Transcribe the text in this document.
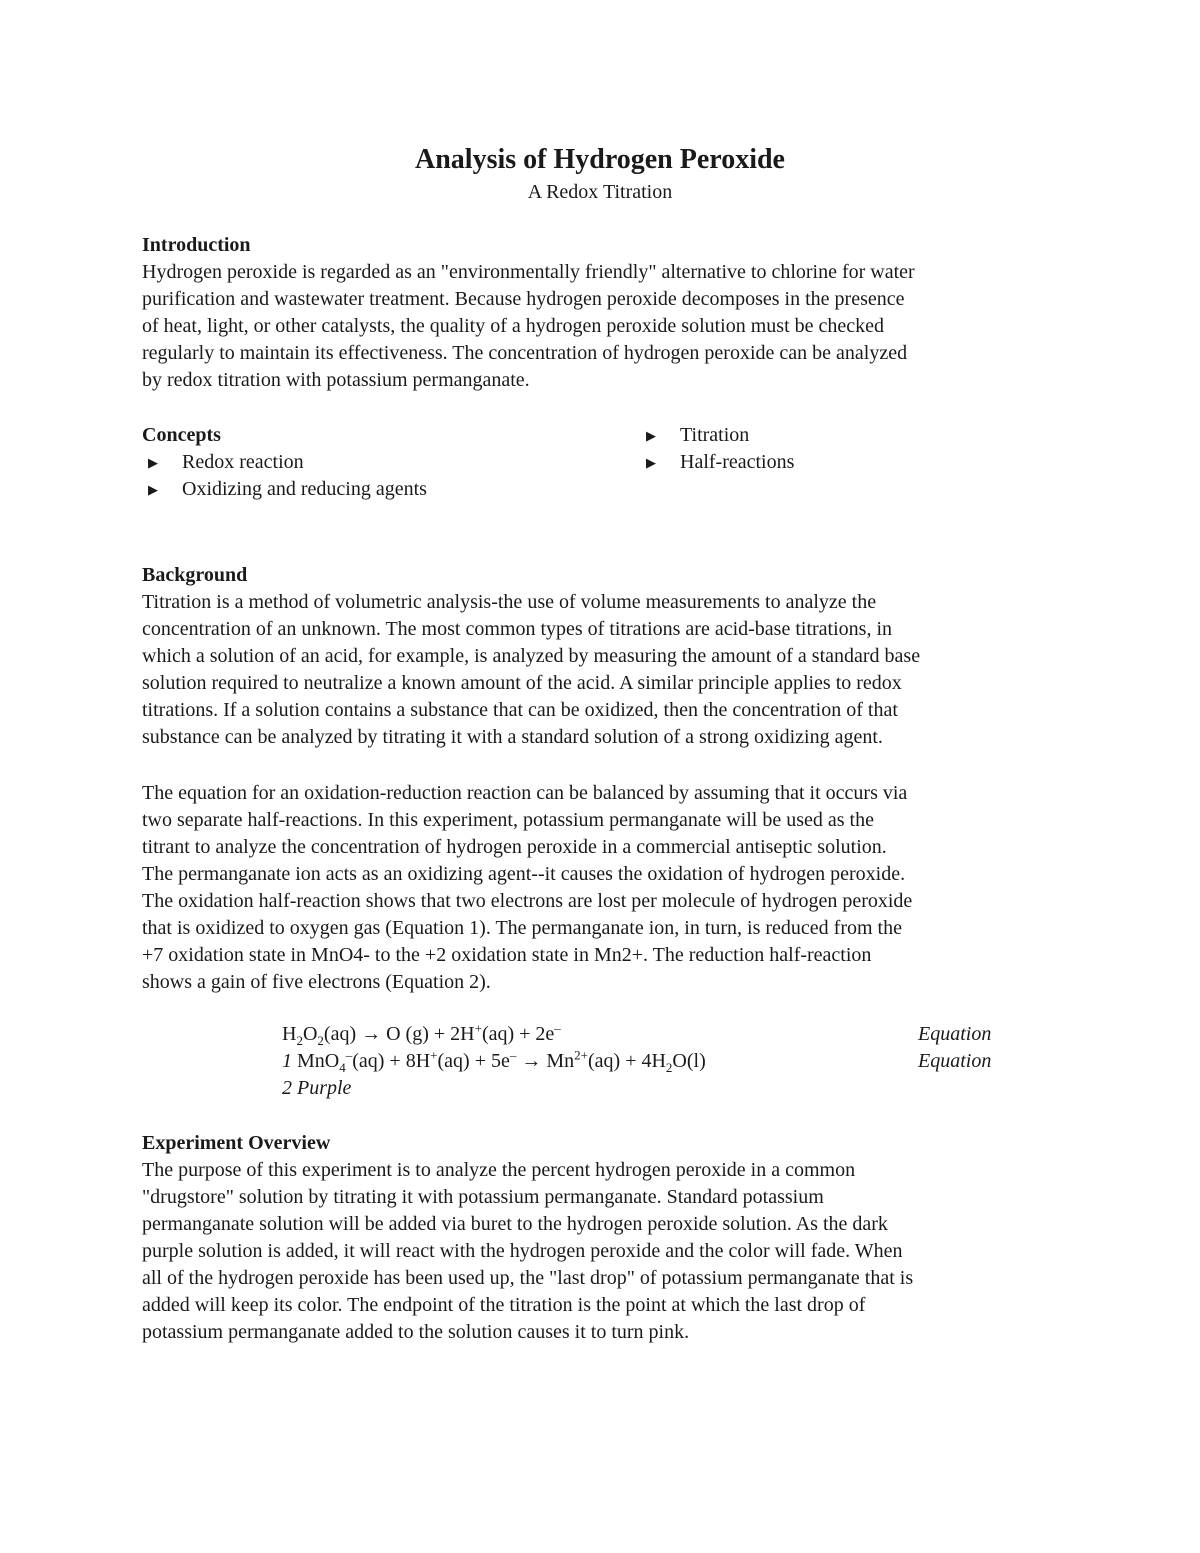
Analysis of Hydrogen Peroxide
A Redox Titration

Introduction

Hydrogen peroxide is regarded as an "environmentally friendly" alternative to chlorine for water

purification and wastewater treatment. Because hydrogen peroxide decomposes in the presence

of heat, light, or other catalysts, the quality of a hydrogen peroxide solution must be checked

regularly to maintain its effectiveness. The concentration of hydrogen peroxide can be analyzed

by redox titration with potassium permanganate.

Concepts
▶	Redox reaction
▶	Oxidizing and reducing agents
▶	Titration
▶	Half-reactions

Background

Titration is a method of volumetric analysis-the use of volume measurements to analyze the

concentration of an unknown. The most common types of titrations are acid-base titrations, in

which a solution of an acid, for example, is analyzed by measuring the amount of a standard base

solution required to neutralize a known amount of the acid. A similar principle applies to redox

titrations. If a solution contains a substance that can be oxidized, then the concentration of that

substance can be analyzed by titrating it with a standard solution of a strong oxidizing agent.

The equation for an oxidation-reduction reaction can be balanced by assuming that it occurs via

two separate half-reactions. In this experiment, potassium permanganate will be used as the

titrant to analyze the concentration of hydrogen peroxide in a commercial antiseptic solution.

The permanganate ion acts as an oxidizing agent--it causes the oxidation of hydrogen peroxide.

The oxidation half-reaction shows that two electrons are lost per molecule of hydrogen peroxide

that is oxidized to oxygen gas (Equation 1). The permanganate ion, in turn, is reduced from the

+7 oxidation state in MnO4- to the +2 oxidation state in Mn2+. The reduction half-reaction

shows a gain of five electrons (Equation 2).

$H_2O_2(aq) \to O$ (g) + 2H+(aq) + 2e–	Equation
1 $MnO_4^-(aq) + 8H^+(aq) + 5e^- \to Mn^{2+}(aq) + 4H_2O(l)$	Equation
2 Purple

Experiment Overview

The purpose of this experiment is to analyze the percent hydrogen peroxide in a common

"drugstore" solution by titrating it with potassium permanganate. Standard potassium

permanganate solution will be added via buret to the hydrogen peroxide solution. As the dark

purple solution is added, it will react with the hydrogen peroxide and the color will fade. When

all of the hydrogen peroxide has been used up, the "last drop" of potassium permanganate that is

added will keep its color. The endpoint of the titration is the point at which the last drop of

potassium permanganate added to the solution causes it to turn pink.
